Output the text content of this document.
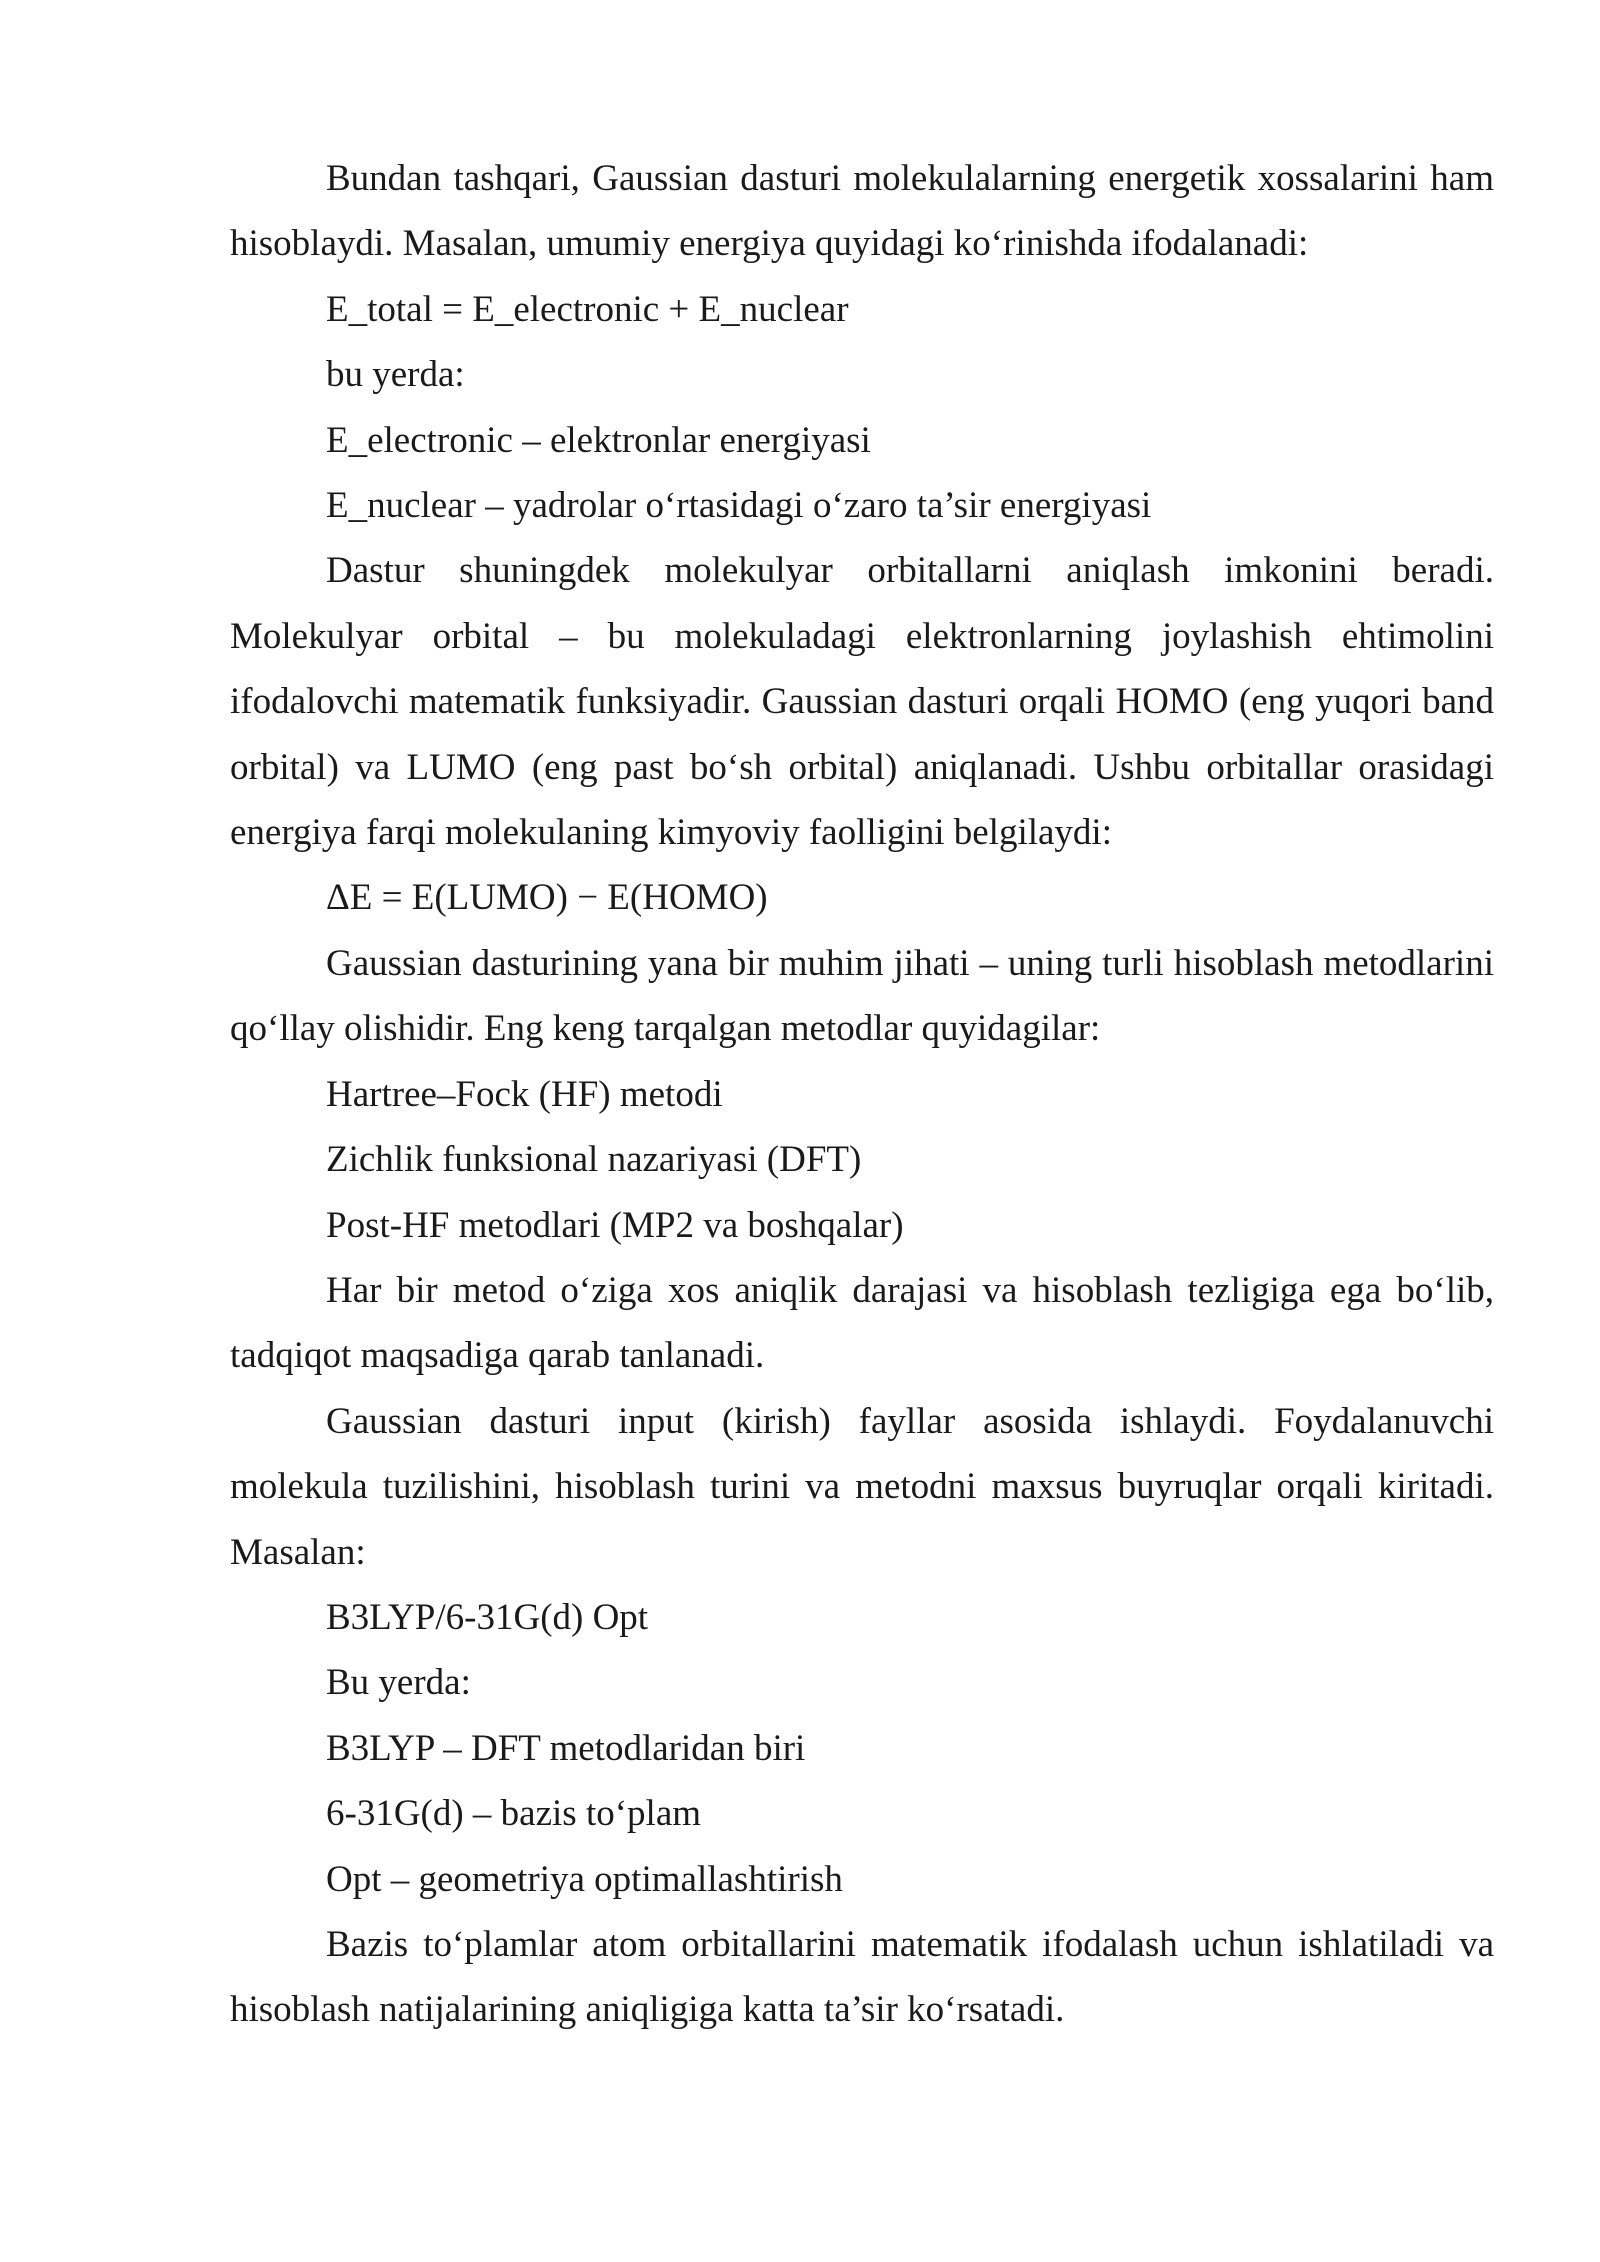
Bundan tashqari, Gaussian dasturi molekulalarning energetik xossalarini ham hisoblaydi. Masalan, umumiy energiya quyidagi ko‘rinishda ifodalanadi:

E_total = E_electronic + E_nuclear

bu yerda:

E_electronic – elektronlar energiyasi

E_nuclear – yadrolar o‘rtasidagi o‘zaro ta’sir energiyasi

Dastur shuningdek molekulyar orbitallarni aniqlash imkonini beradi. Molekulyar orbital – bu molekuladagi elektronlarning joylashish ehtimolini ifodalovchi matematik funksiyadir. Gaussian dasturi orqali HOMO (eng yuqori band orbital) va LUMO (eng past bo‘sh orbital) aniqlanadi. Ushbu orbitallar orasidagi energiya farqi molekulaning kimyoviy faolligini belgilaydi:

ΔE = E(LUMO) − E(HOMO)

Gaussian dasturining yana bir muhim jihati – uning turli hisoblash metodlarini qo‘llay olishidir. Eng keng tarqalgan metodlar quyidagilar:

Hartree–Fock (HF) metodi

Zichlik funksional nazariyasi (DFT)

Post-HF metodlari (MP2 va boshqalar)

Har bir metod o‘ziga xos aniqlik darajasi va hisoblash tezligiga ega bo‘lib, tadqiqot maqsadiga qarab tanlanadi.

Gaussian dasturi input (kirish) fayllar asosida ishlaydi. Foydalanuvchi molekula tuzilishini, hisoblash turini va metodni maxsus buyruqlar orqali kiritadi. Masalan:

B3LYP/6-31G(d) Opt

Bu yerda:

B3LYP – DFT metodlaridan biri

6-31G(d) – bazis to‘plam

Opt – geometriya optimallashtirish

Bazis to‘plamlar atom orbitallarini matematik ifodalash uchun ishlatiladi va hisoblash natijalarining aniqligiga katta ta’sir ko‘rsatadi.
